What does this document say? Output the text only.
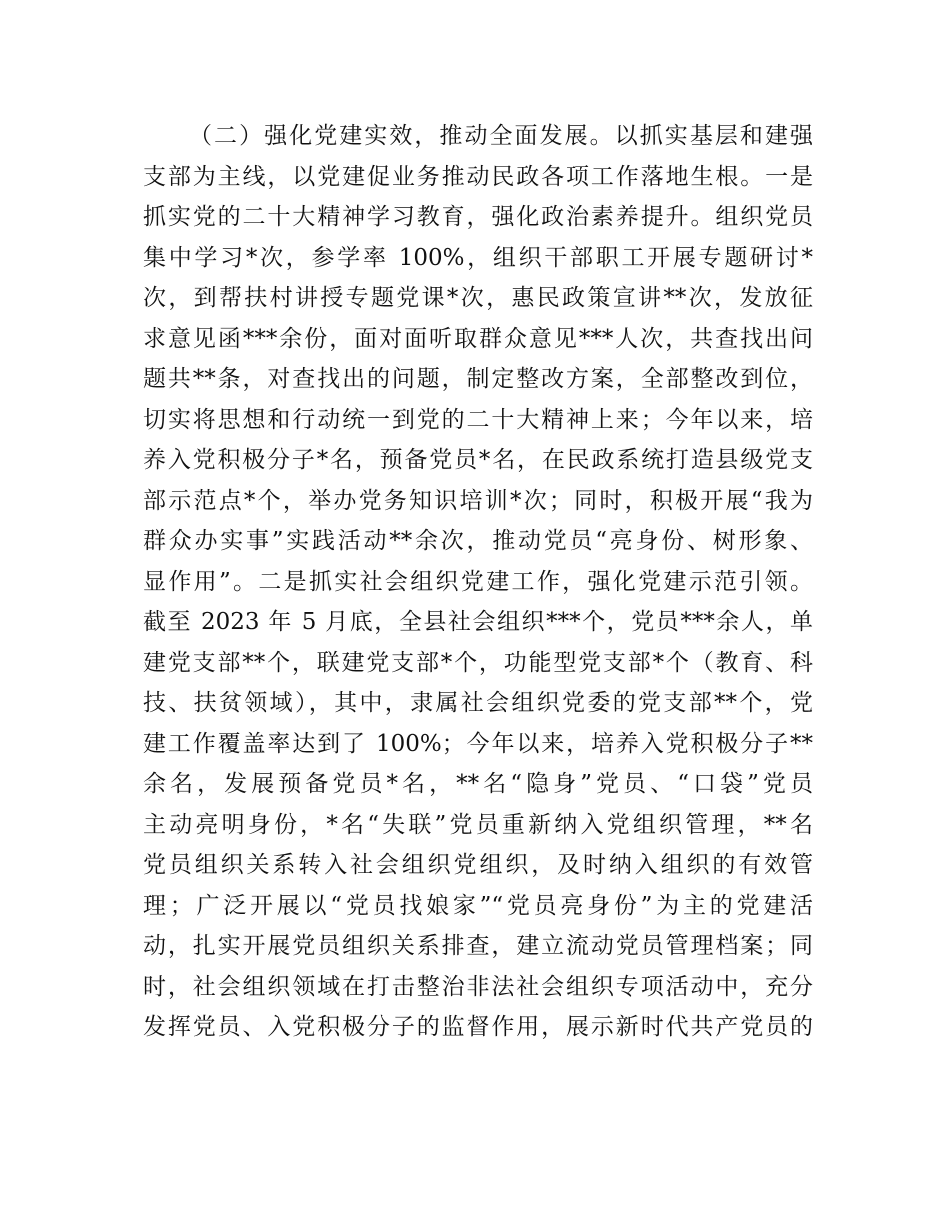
（二）强化党建实效，推动全面发展。以抓实基层和建强
支部为主线，以党建促业务推动民政各项工作落地生根。一是
抓实党的二十大精神学习教育，强化政治素养提升。组织党员
集中学习*次，参学率 100%，组织干部职工开展专题研讨*
次，到帮扶村讲授专题党课*次，惠民政策宣讲**次，发放征
求意见函***余份，面对面听取群众意见***人次，共查找出问
题共**条，对查找出的问题，制定整改方案，全部整改到位，
切实将思想和行动统一到党的二十大精神上来；今年以来，培
养入党积极分子*名，预备党员*名，在民政系统打造县级党支
部示范点*个，举办党务知识培训*次；同时，积极开展“我为
群众办实事”实践活动**余次，推动党员“亮身份、树形象、
显作用”。二是抓实社会组织党建工作，强化党建示范引领。
截至 2023 年 5 月底，全县社会组织***个，党员***余人，单
建党支部**个，联建党支部*个，功能型党支部*个（教育、科
技、扶贫领域），其中，隶属社会组织党委的党支部**个，党
建工作覆盖率达到了 100%；今年以来，培养入党积极分子**
余名，发展预备党员*名，**名“隐身”党员、“口袋”党员
主动亮明身份，*名“失联”党员重新纳入党组织管理，**名
党员组织关系转入社会组织党组织，及时纳入组织的有效管
理；广泛开展以“党员找娘家”“党员亮身份”为主的党建活
动，扎实开展党员组织关系排查，建立流动党员管理档案；同
时，社会组织领域在打击整治非法社会组织专项活动中，充分
发挥党员、入党积极分子的监督作用，展示新时代共产党员的
